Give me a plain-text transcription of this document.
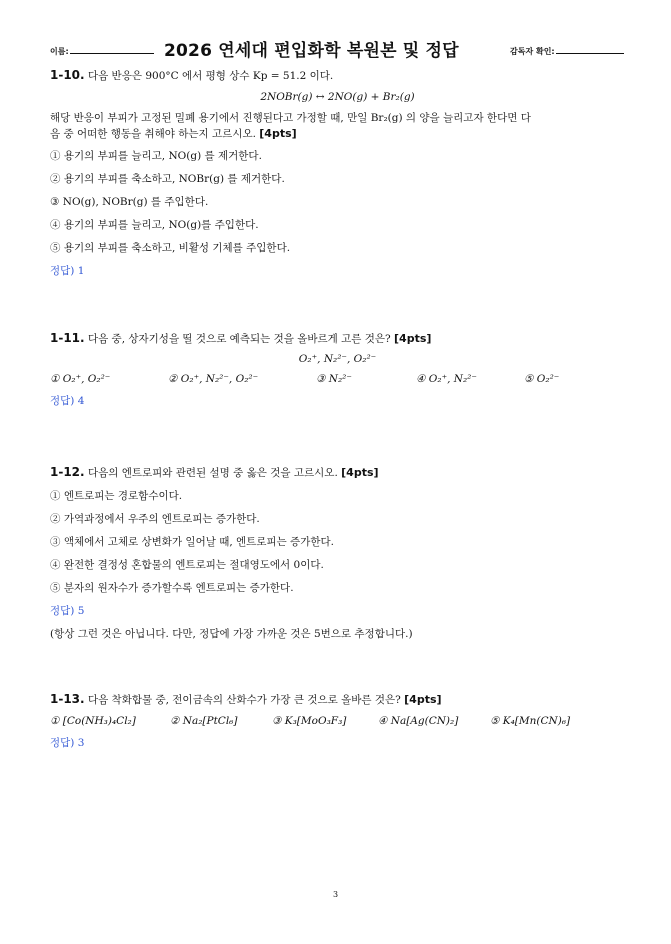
이름:	2026 연세대 편입화학 복원본 및 정답	감독자 확인:
1-10. 다음 반응은 900°C 에서 평형 상수 Kp = 51.2 이다.
2NOBr(g) ↔ 2NO(g) + Br₂(g)
해당 반응이 부피가 고정된 밀폐 용기에서 진행된다고 가정할 때, 만일 Br₂(g) 의 양을 늘리고자 한다면 다
음 중 어떠한 행동을 취해야 하는지 고르시오. [4pts]
① 용기의 부피를 늘리고, NO(g) 를 제거한다.
② 용기의 부피를 축소하고, NOBr(g) 를 제거한다.
③ NO(g), NOBr(g) 를 주입한다.
④ 용기의 부피를 늘리고, NO(g)를 주입한다.
⑤ 용기의 부피를 축소하고, 비활성 기체를 주입한다.
정답) 1
1-11. 다음 중, 상자기성을 띨 것으로 예측되는 것을 올바르게 고른 것은? [4pts]
O₂⁺, N₂²⁻, O₂²⁻
① O₂⁺, O₂²⁻	② O₂⁺, N₂²⁻, O₂²⁻	③ N₂²⁻	④ O₂⁺, N₂²⁻	⑤ O₂²⁻
정답) 4
1-12. 다음의 엔트로피와 관련된 설명 중 옳은 것을 고르시오. [4pts]
① 엔트로피는 경로함수이다.
② 가역과정에서 우주의 엔트로피는 증가한다.
③ 액체에서 고체로 상변화가 일어날 때, 엔트로피는 증가한다.
④ 완전한 결정성 혼합물의 엔트로피는 절대영도에서 0이다.
⑤ 분자의 원자수가 증가할수록 엔트로피는 증가한다.
정답) 5
(항상 그런 것은 아닙니다. 다만, 정답에 가장 가까운 것은 5번으로 추정합니다.)
1-13. 다음 착화합물 중, 전이금속의 산화수가 가장 큰 것으로 올바른 것은? [4pts]
① [Co(NH₃)₄Cl₂]	② Na₂[PtCl₆]	③ K₃[MoO₃F₃]	④ Na[Ag(CN)₂]	⑤ K₄[Mn(CN)₆]
정답) 3
3
